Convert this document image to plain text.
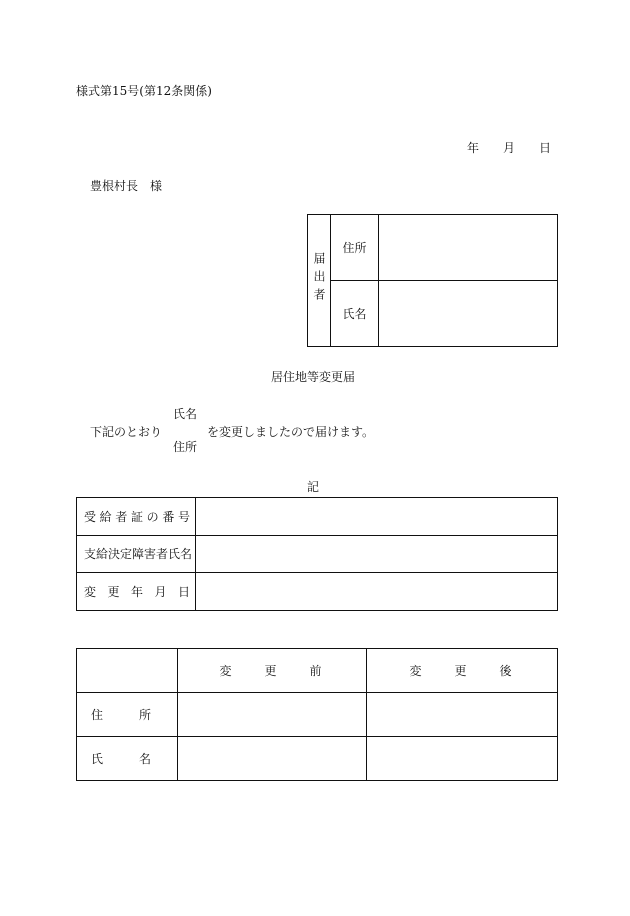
様式第15号(第12条関係)
年　　月　　日
豊根村長　様
届出者	住所	
	氏名	
居住地等変更届
下記のとおり
氏名
住所
を変更しましたので届けます。
記
受給者証の番号	
支給決定障害者氏名	
変更年月日	
	変　　更　　前	変　　更　　後
住　　　所		
氏　　　名		
